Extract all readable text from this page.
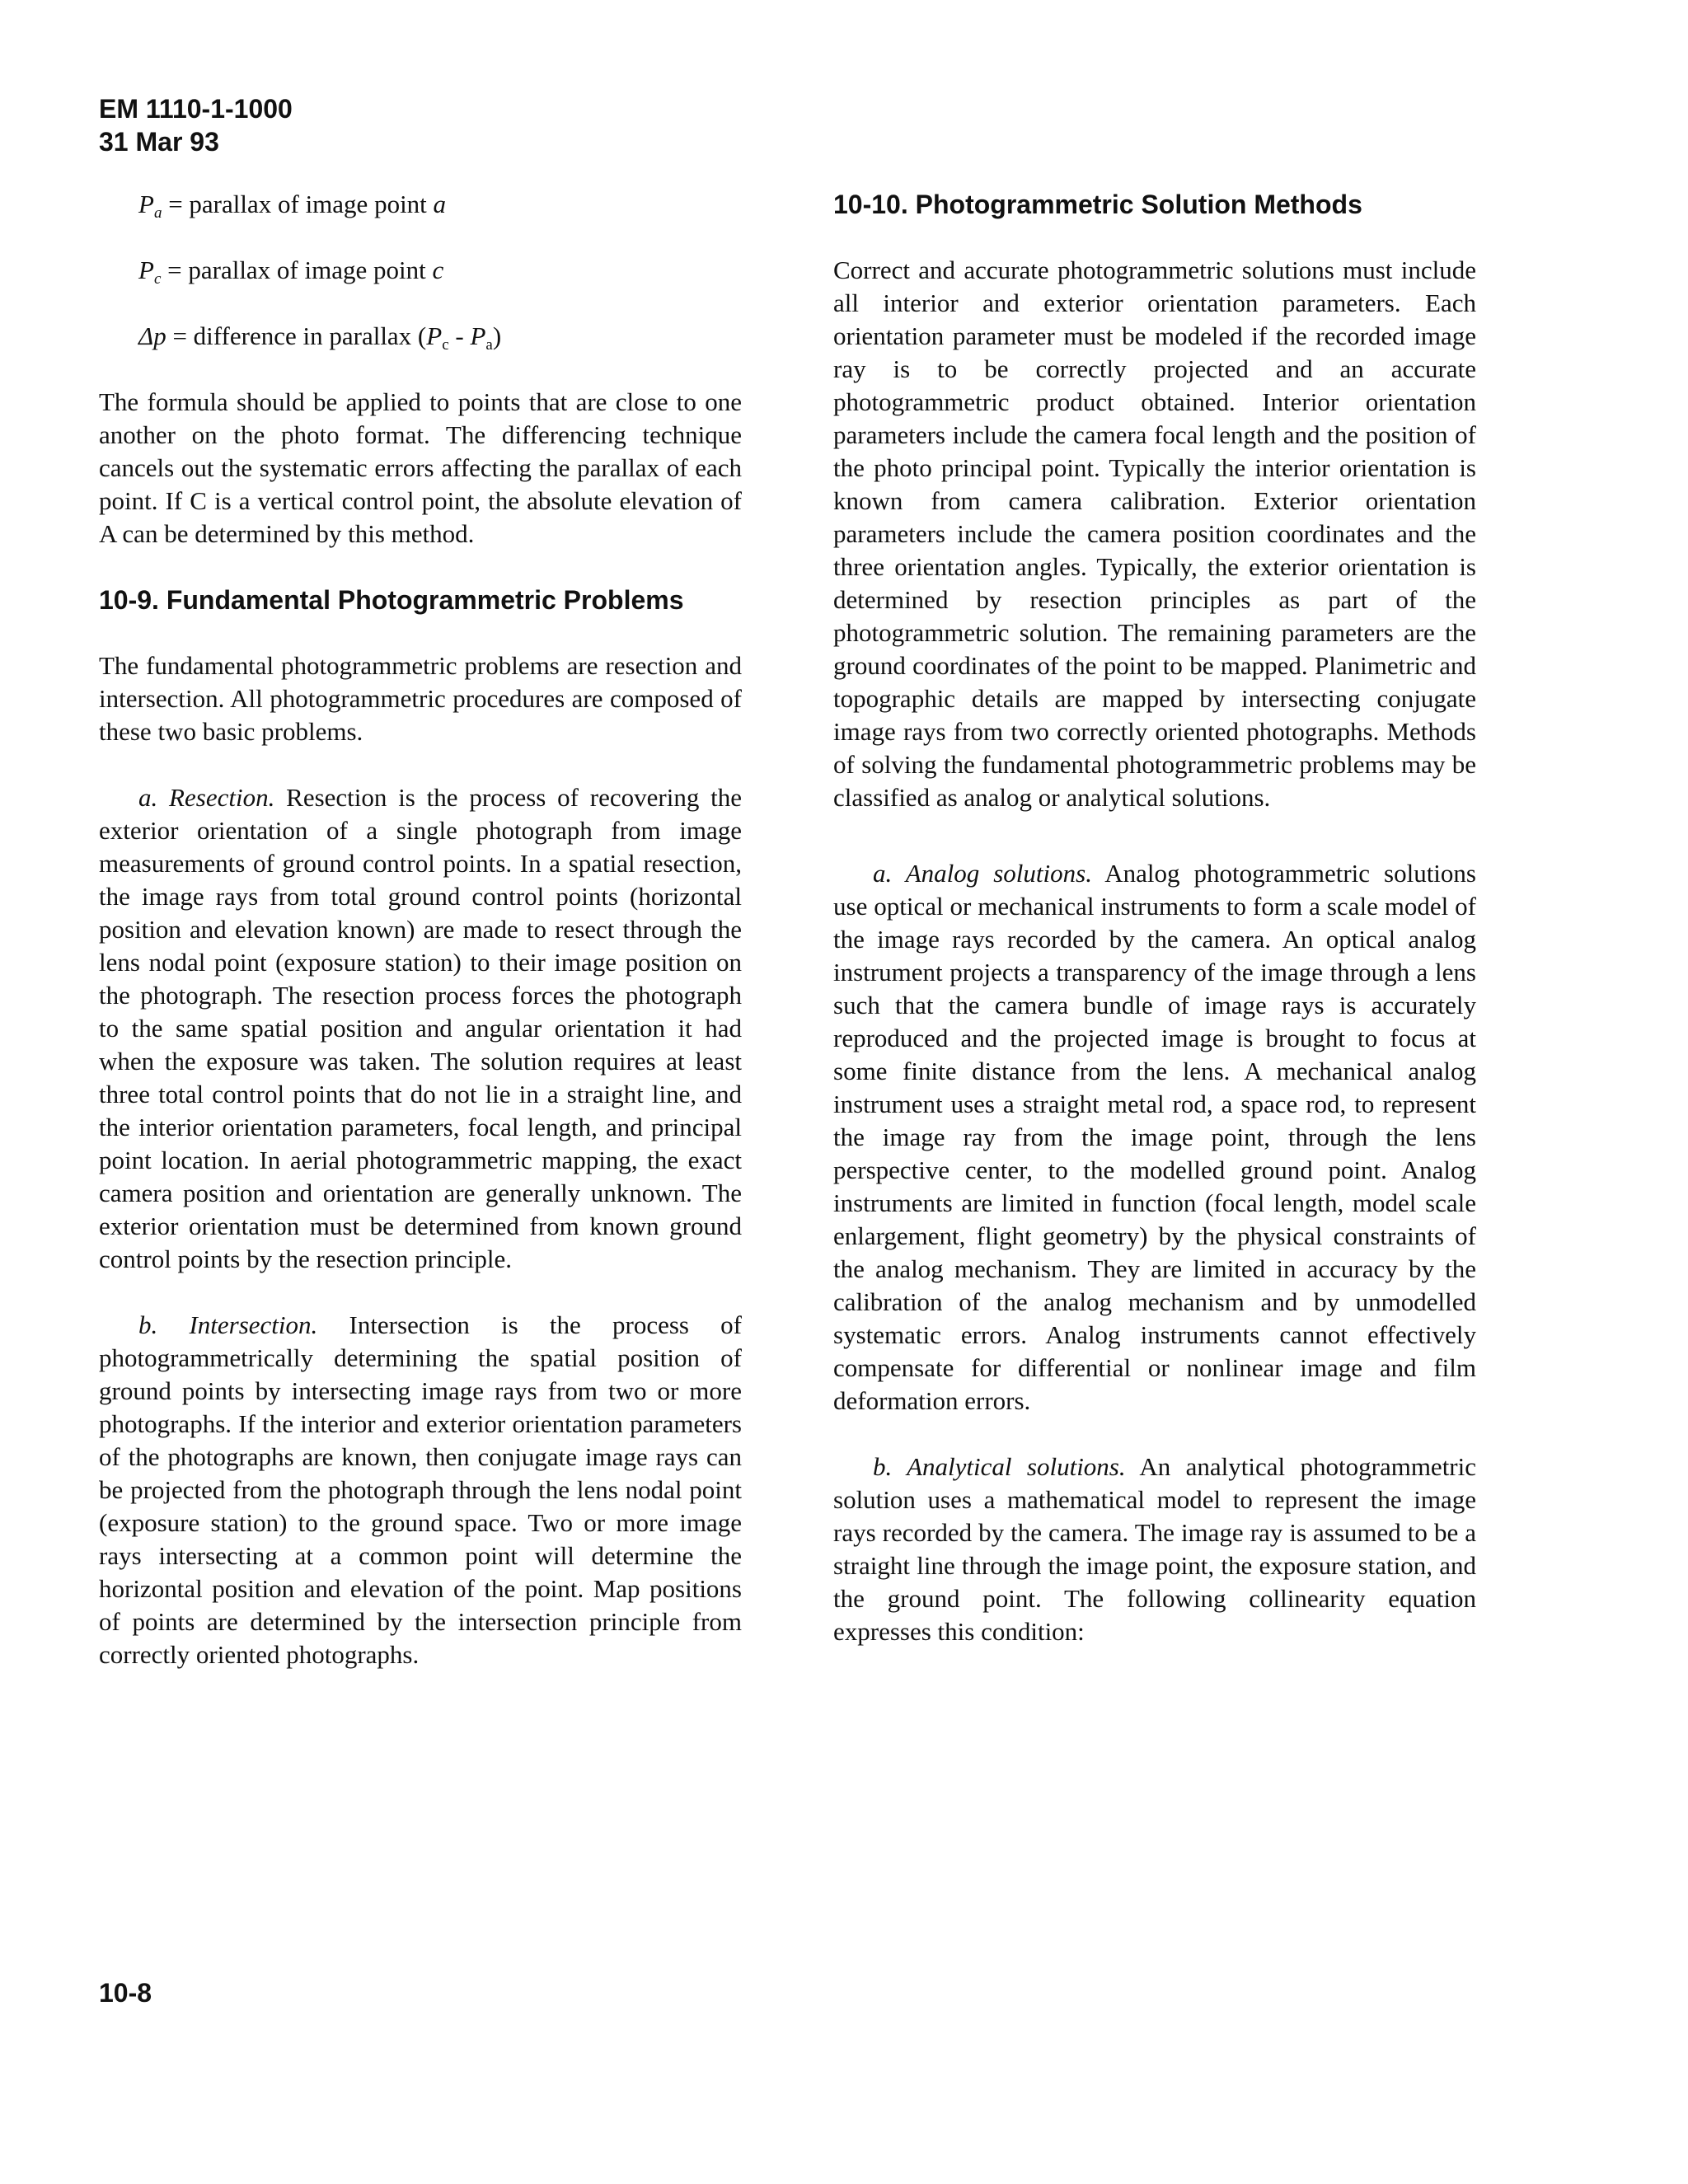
EM 1110-1-1000
31 Mar 93

$P_a$ = parallax of image point a

$P_c$ = parallax of image point c

Δp = difference in parallax $(P_c - P_a)$

The formula should be applied to points that are close to one another on the photo format. The differencing technique cancels out the systematic errors affecting the parallax of each point. If C is a vertical control point, the absolute elevation of A can be determined by this method.

10-9. Fundamental Photogrammetric Problems

The fundamental photogrammetric problems are resection and intersection. All photogrammetric procedures are composed of these two basic problems.

a. Resection. Resection is the process of recovering the exterior orientation of a single photograph from image measurements of ground control points. In a spatial resection, the image rays from total ground control points (horizontal position and elevation known) are made to resect through the lens nodal point (exposure station) to their image position on the photograph. The resection process forces the photograph to the same spatial position and angular orientation it had when the exposure was taken. The solution requires at least three total control points that do not lie in a straight line, and the interior orientation parameters, focal length, and principal point location. In aerial photogrammetric mapping, the exact camera position and orientation are generally unknown. The exterior orientation must be determined from known ground control points by the resection principle.

b. Intersection. Intersection is the process of photogrammetrically determining the spatial position of ground points by intersecting image rays from two or more photographs. If the interior and exterior orientation parameters of the photographs are known, then conjugate image rays can be projected from the photograph through the lens nodal point (exposure station) to the ground space. Two or more image rays intersecting at a common point will determine the horizontal position and elevation of the point. Map positions of points are determined by the intersection principle from correctly oriented photographs.

10-10. Photogrammetric Solution Methods

Correct and accurate photogrammetric solutions must include all interior and exterior orientation parameters. Each orientation parameter must be modeled if the recorded image ray is to be correctly projected and an accurate photogrammetric product obtained. Interior orientation parameters include the camera focal length and the position of the photo principal point. Typically the interior orientation is known from camera calibration. Exterior orientation parameters include the camera position coordinates and the three orientation angles. Typically, the exterior orientation is determined by resection principles as part of the photogrammetric solution. The remaining parameters are the ground coordinates of the point to be mapped. Planimetric and topographic details are mapped by intersecting conjugate image rays from two correctly oriented photographs. Methods of solving the fundamental photogrammetric problems may be classified as analog or analytical solutions.

a. Analog solutions. Analog photogrammetric solutions use optical or mechanical instruments to form a scale model of the image rays recorded by the camera. An optical analog instrument projects a transparency of the image through a lens such that the camera bundle of image rays is accurately reproduced and the projected image is brought to focus at some finite distance from the lens. A mechanical analog instrument uses a straight metal rod, a space rod, to represent the image ray from the image point, through the lens perspective center, to the modelled ground point. Analog instruments are limited in function (focal length, model scale enlargement, flight geometry) by the physical constraints of the analog mechanism. They are limited in accuracy by the calibration of the analog mechanism and by unmodelled systematic errors. Analog instruments cannot effectively compensate for differential or nonlinear image and film deformation errors.

b. Analytical solutions. An analytical photogrammetric solution uses a mathematical model to represent the image rays recorded by the camera. The image ray is assumed to be a straight line through the image point, the exposure station, and the ground point. The following collinearity equation expresses this condition:

10-8
